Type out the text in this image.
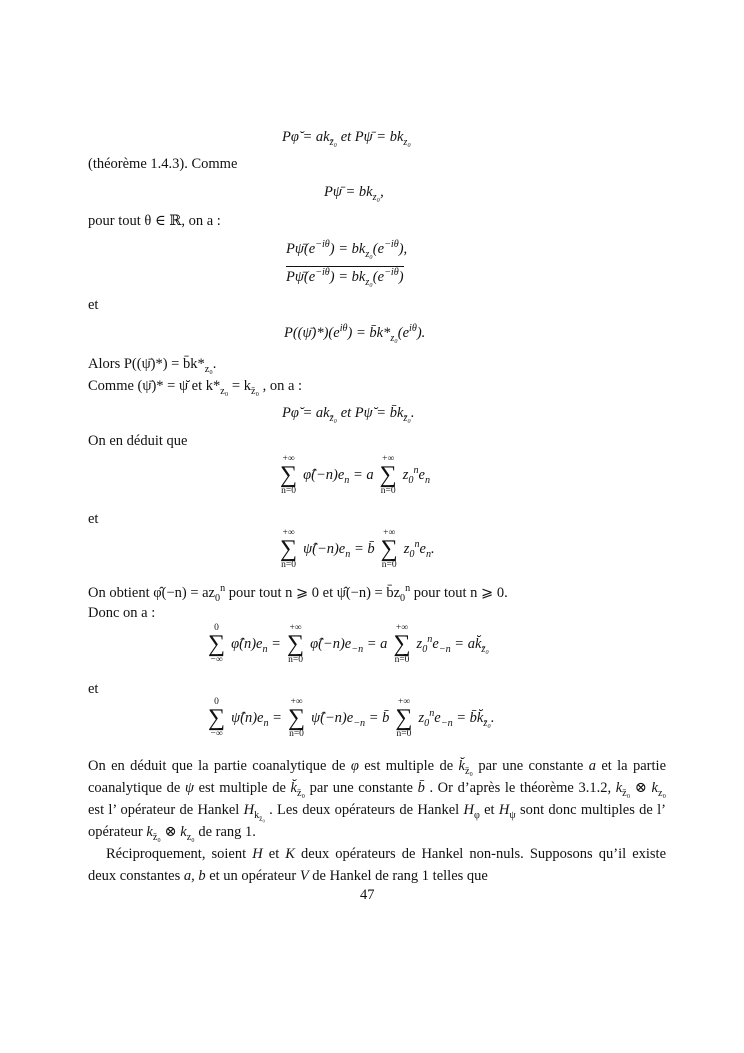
Pφ̆ = $ak_{z̄_0}$ et Pψ̄ = $bk_{z_0}$
(théorème 1.4.3). Comme
Pψ̄ = $bk_{z_0}$,
pour tout θ ∈ ℝ, on a :
$P\psī(e^{-i\theta}) = bk_{z_0}(e^{-i\theta})$,
$P\psī(e^{-i\theta}) = bk_{z_0}(e^{-i\theta})$
et
$P((\psī)*)(e^{i\theta})$ = $b̄k*_{z_0}(e^{i\theta})$.
Alors P((ψ̄)*) = $b̄k*_{z_0}$.
Comme (ψ̄)* = ψ̆ et $k*_{z_0} = k_{z̄_0}$ , on a :
Pφ̆ = $ak_{z̄_0}$ et Pψ̆ = $b̄k_{z̄_0}$.
On en déduit que
+∞
∑
n=0
$\varphî(-n)e_n = a$
+∞
∑
n=0
$z_0^ne_n$
et
+∞
∑
n=0
$\psî(-n)e_n$ = b̄
+∞
∑
n=0
$z_0^ne_n$.
On obtient φ̂(−n) = $az_0^n$ pour tout n ⩾ 0 et ψ̂(−n) = $b̄z_0^n$ pour tout n ⩾ 0.
Donc on a :
0
∑
−∞
$\varphî(n)e_n$ =
+∞
∑
n=0
$\varphî(-n)e_{-n} = a$
+∞
∑
n=0
$z_0^ne_{-n}$ = $ak̆_{z̄_0}$
et
0
∑
−∞
$\psî(n)e_n$ =
+∞
∑
n=0
$\psî(-n)e_{-n}$ = b̄
+∞
∑
n=0
$z_0^ne_{-n}$ = $b̄k̆_{z̄_0}$.

On en déduit que la partie coanalytique de φ est multiple de $k̆_{z̄_0}$ par une constante a et la partie coanalytique de ψ est multiple de $k̆_{z̄_0}$ par une constante b̄ . Or d’après le théorème 3.1.2, $k_{z̄_0}$ ⊗ $k_{z_0}$ est l’ opérateur de Hankel $H_{k_{z̄_0}}$ . Les deux opérateurs de Hankel $H_\varphi$ et $H_\psi$ sont donc multiples de l’ opérateur $k_{z̄_0}$ ⊗ $k_{z_0}$ de rang 1.

Réciproquement, soient H et K deux opérateurs de Hankel non-nuls. Supposons qu’il existe deux constantes a, b et un opérateur V de Hankel de rang 1 telles que

47
